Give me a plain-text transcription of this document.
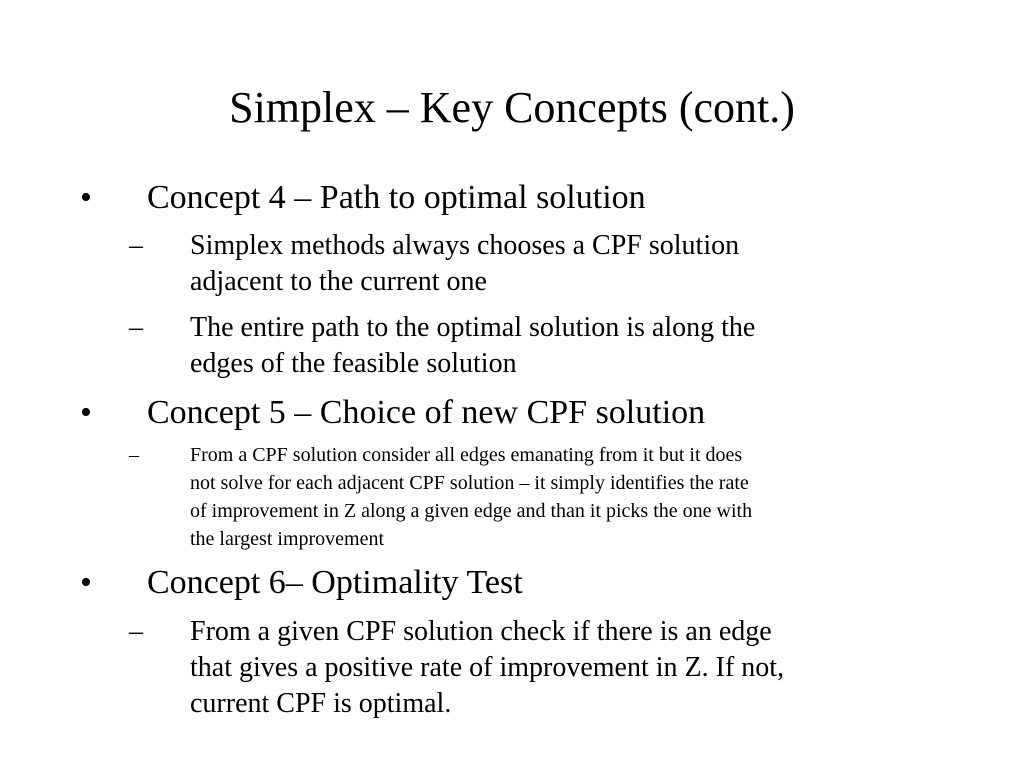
Simplex – Key Concepts (cont.)
• Concept 4 – Path to optimal solution
– Simplex methods always chooses a CPF solution
adjacent to the current one
– The entire path to the optimal solution is along the
edges of the feasible solution
• Concept 5 – Choice of new CPF solution
–	From a CPF solution consider all edges emanating from it but it does
not solve for each adjacent CPF solution – it simply identifies the rate
of improvement in Z along a given edge and than it picks the one with
the largest improvement
• Concept 6– Optimality Test
– From a given CPF solution check if there is an edge
that gives a positive rate of improvement in Z. If not,
current CPF is optimal.
